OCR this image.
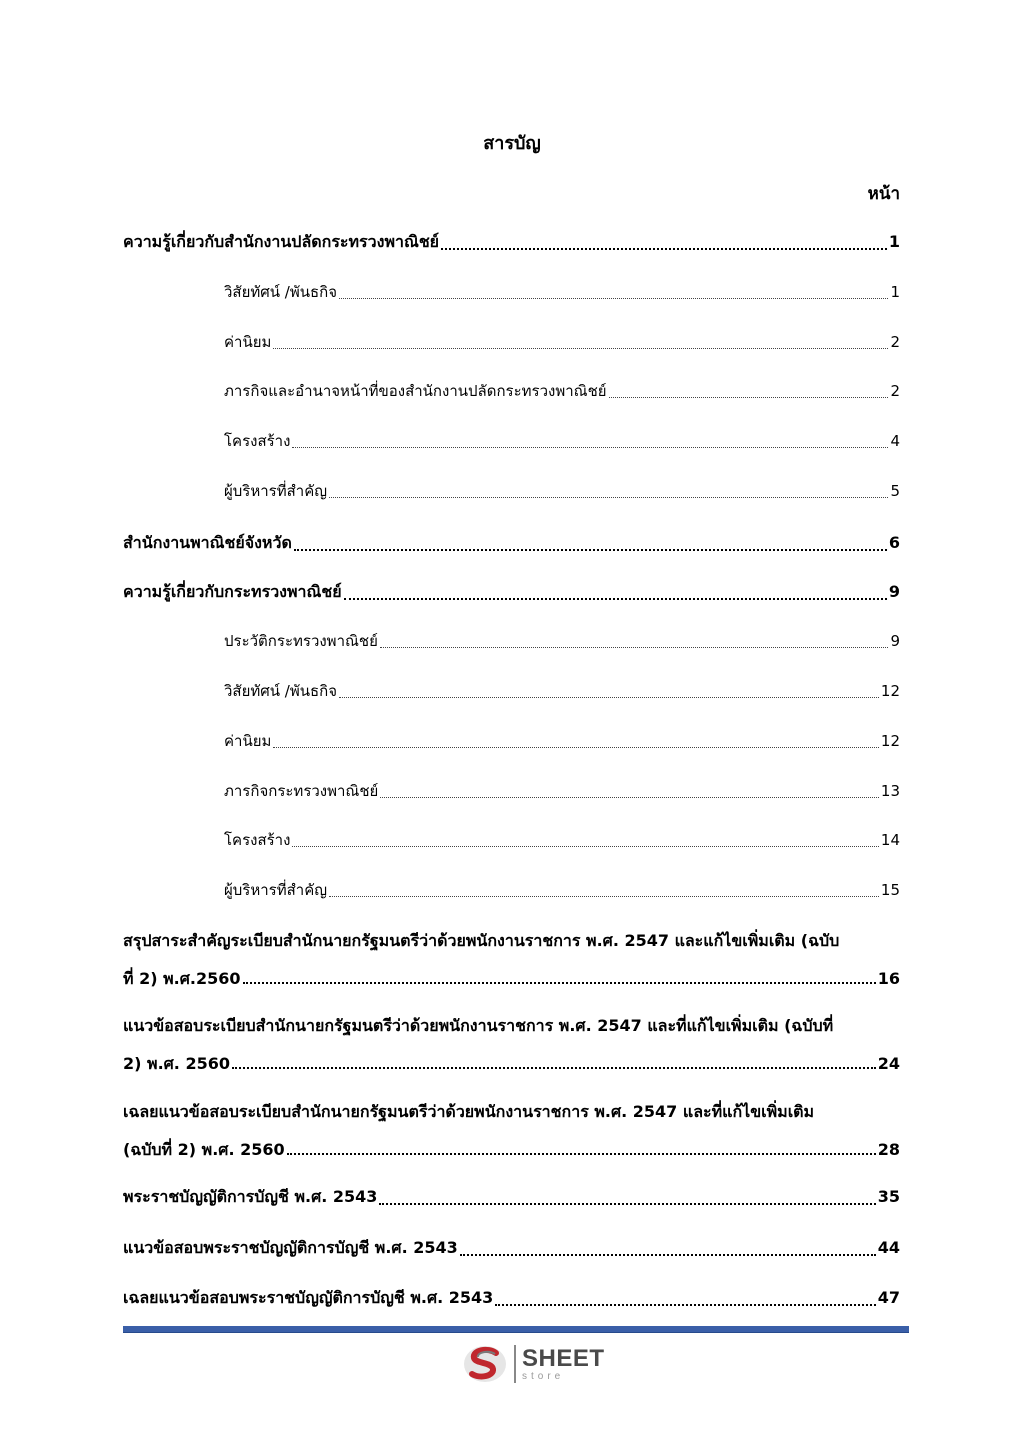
สารบัญ
หน้า
ความรู้เกี่ยวกับสำนักงานปลัดกระทรวงพาณิชย์	1
วิสัยทัศน์ /พันธกิจ	1
ค่านิยม	2
ภารกิจและอำนาจหน้าที่ของสำนักงานปลัดกระทรวงพาณิชย์	2
โครงสร้าง	4
ผู้บริหารที่สำคัญ	5
สำนักงานพาณิชย์จังหวัด	6
ความรู้เกี่ยวกับกระทรวงพาณิชย์	9
ประวัติกระทรวงพาณิชย์	9
วิสัยทัศน์ /พันธกิจ	12
ค่านิยม	12
ภารกิจกระทรวงพาณิชย์	13
โครงสร้าง	14
ผู้บริหารที่สำคัญ	15
สรุปสาระสำคัญระเบียบสำนักนายกรัฐมนตรีว่าด้วยพนักงานราชการ พ.ศ. 2547 และแก้ไขเพิ่มเติม (ฉบับ
ที่ 2) พ.ศ.2560	16
แนวข้อสอบระเบียบสำนักนายกรัฐมนตรีว่าด้วยพนักงานราชการ พ.ศ. 2547 และที่แก้ไขเพิ่มเติม (ฉบับที่
2) พ.ศ. 2560	24
เฉลยแนวข้อสอบระเบียบสำนักนายกรัฐมนตรีว่าด้วยพนักงานราชการ พ.ศ. 2547 และที่แก้ไขเพิ่มเติม
(ฉบับที่ 2) พ.ศ. 2560	28
พระราชบัญญัติการบัญชี พ.ศ. 2543	35
แนวข้อสอบพระราชบัญญัติการบัญชี พ.ศ. 2543	44
เฉลยแนวข้อสอบพระราชบัญญัติการบัญชี พ.ศ. 2543	47
SHEET
store
